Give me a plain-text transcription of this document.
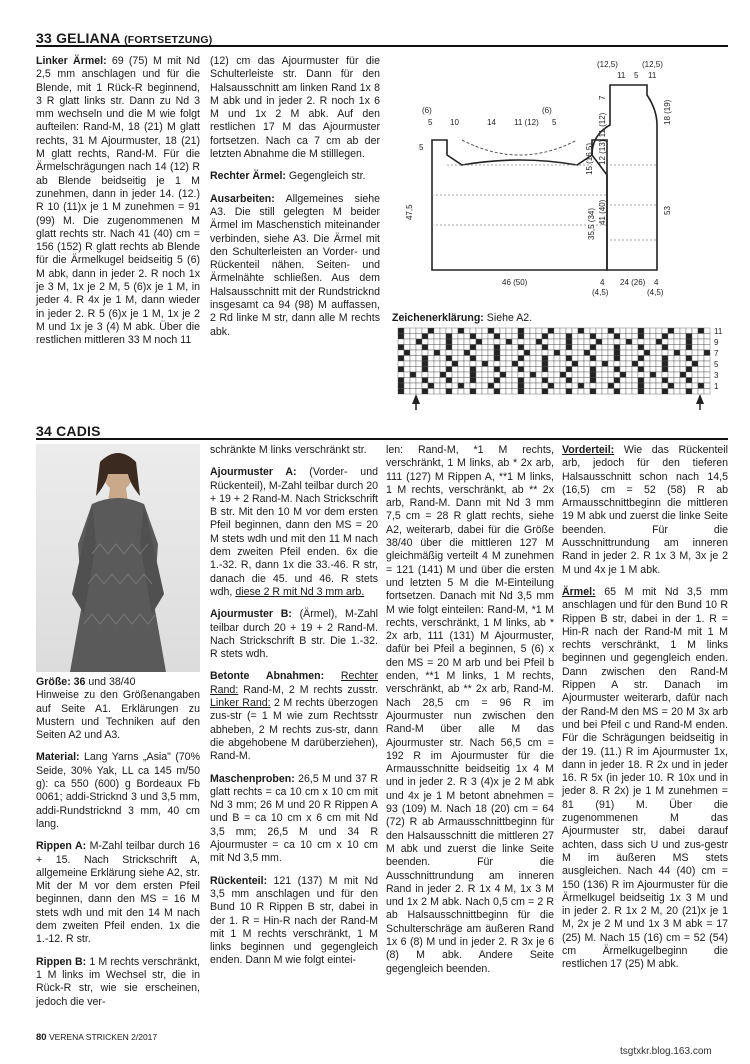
33 GELIANA (FORTSETZUNG)

Linker Ärmel: 69 (75) M mit Nd 2,5 mm anschlagen und für die Blende, mit 1 Rück-R beginnend, 3 R glatt links str. Dann zu Nd 3 mm wechseln und die M wie folgt aufteilen: Rand-M, 18 (21) M glatt rechts, 31 M Ajourmuster, 18 (21) M glatt rechts, Rand-M. Für die Ärmelschrägungen nach 14 (12) R ab Blende beidseitig je 1 M zunehmen, dann in jeder 14. (12.) R 10 (11)x je 1 M zunehmen = 91 (99) M. Die zugenommenen M glatt rechts str. Nach 41 (40) cm = 156 (152) R glatt rechts ab Blende für die Ärmelkugel beidseitig 5 (6) M abk, dann in jeder 2. R noch 1x je 3 M, 1x je 2 M, 5 (6)x je 1 M, in jeder 4. R 4x je 1 M, dann wieder in jeder 2. R 5 (6)x je 1 M, 1x je 2 M und 1x je 3 (4) M abk. Über die restlichen mittleren 33 M noch 11

(12) cm das Ajourmuster für die Schulterleiste str. Dann für den Halsausschnitt am linken Rand 1x 8 M abk und in jeder 2. R noch 1x 6 M und 1x 2 M abk. Auf den restlichen 17 M das Ajourmuster fortsetzen. Nach ca 7 cm ab der letzten Abnahme die M stilllegen.

Rechter Ärmel: Gegengleich str.

Ausarbeiten: Allgemeines siehe A3. Die still gelegten M beider Ärmel im Maschenstich miteinander verbinden, siehe A3. Die Ärmel mit den Schulterleisten an Vorder- und Rückenteil nähen. Seiten- und Ärmelnähte schließen. Aus dem Halsausschnitt mit der Rundstricknd insgesamt ca 94 (98) M auffassen, 2 Rd linke M str, dann alle M rechts abk.

(6)	(6)
5 10	14 11 (12) 5
5
47,5
15 (16,5)
35,5 (34)
46 (50)
(12,5)	(12,5)
11 5 11
7
12 (13) 11 (12)
41 (40)
18 (19)
53
4
(4,5)
24 (26) 4
(4,5)
Zeichenerklärung: Siehe A2.
11
9
7
5
3
1
34 CADIS

Größe: 36 und 38/40

Hinweise zu den Größenangaben auf Seite A1. Erklärungen zu Mustern und Techniken auf den Seiten A2 und A3.

Material: Lang Yarns „Asia" (70% Seide, 30% Yak, LL ca 145 m/50 g): ca 550 (600) g Bordeaux Fb 0061; addi-Stricknd 3 und 3,5 mm, addi-Rundstricknd 3 mm, 40 cm lang.

Rippen A: M-Zahl teilbar durch 16 + 15. Nach Strickschrift A, allgemeine Erklärung siehe A2, str. Mit der M vor dem ersten Pfeil beginnen, dann den MS = 16 M stets wdh und mit den 14 M nach dem zweiten Pfeil enden. 1x die 1.-12. R str.

Rippen B: 1 M rechts verschränkt, 1 M links im Wechsel str, die in Rück-R str, wie sie erscheinen, jedoch die ver-

schränkte M links verschränkt str.

Ajourmuster A: (Vorder- und Rückenteil), M-Zahl teilbar durch 20 + 19 + 2 Rand-M. Nach Strickschrift B str. Mit den 10 M vor dem ersten Pfeil beginnen, dann den MS = 20 M stets wdh und mit den 11 M nach dem zweiten Pfeil enden. 6x die 1.-32. R, dann 1x die 33.-46. R str, danach die 45. und 46. R stets wdh, diese 2 R mit Nd 3 mm arb.

Ajourmuster B: (Ärmel), M-Zahl teilbar durch 20 + 19 + 2 Rand-M. Nach Strickschrift B str. Die 1.-32. R stets wdh.

Betonte Abnahmen: Rechter Rand: Rand-M, 2 M rechts zusstr. Linker Rand: 2 M rechts überzogen zus-str (= 1 M wie zum Rechtsstr abheben, 2 M rechts zus-str, dann die abgehobene M darüberziehen), Rand-M.

Maschenproben: 26,5 M und 37 R glatt rechts = ca 10 cm x 10 cm mit Nd 3 mm; 26 M und 20 R Rippen A und B = ca 10 cm x 6 cm mit Nd 3,5 mm; 26,5 M und 34 R Ajourmuster = ca 10 cm x 10 cm mit Nd 3,5 mm.

Rückenteil: 121 (137) M mit Nd 3,5 mm anschlagen und für den Bund 10 R Rippen B str, dabei in der 1. R = Hin-R nach der Rand-M mit 1 M rechts verschränkt, 1 M links beginnen und gegengleich enden. Dann M wie folgt eintei-

len: Rand-M, *1 M rechts, verschränkt, 1 M links, ab * 2x arb, 111 (127) M Rippen A, **1 M links, 1 M rechts, verschränkt, ab ** 2x arb, Rand-M. Dann mit Nd 3 mm 7,5 cm = 28 R glatt rechts, siehe A2, weiterarb, dabei für die Größe 38/40 über die mittleren 127 M gleichmäßig verteilt 4 M zunehmen = 121 (141) M und über die ersten und letzten 5 M die M-Einteilung fortsetzen. Danach mit Nd 3,5 mm M wie folgt einteilen: Rand-M, *1 M rechts, verschränkt, 1 M links, ab * 2x arb, 111 (131) M Ajourmuster, dafür bei Pfeil a beginnen, 5 (6) x den MS = 20 M arb und bei Pfeil b enden, **1 M links, 1 M rechts, verschränkt, ab ** 2x arb, Rand-M. Nach 28,5 cm = 96 R im Ajourmuster nun zwischen den Rand-M über alle M das Ajourmuster str. Nach 56,5 cm = 192 R im Ajourmuster für die Armausschnitte beidseitig 1x 4 M und in jeder 2. R 3 (4)x je 2 M abk und 4x je 1 M betont abnehmen = 93 (109) M. Nach 18 (20) cm = 64 (72) R ab Armausschnittbeginn für den Halsausschnitt die mittleren 27 M abk und zuerst die linke Seite beenden. Für die Ausschnittrundung am inneren Rand in jeder 2. R 1x 4 M, 1x 3 M und 1x 2 M abk. Nach 0,5 cm = 2 R ab Halsausschnittbeginn für die Schulterschräge am äußeren Rand 1x 6 (8) M und in jeder 2. R 3x je 6 (8) M abk. Andere Seite gegengleich beenden.

Vorderteil: Wie das Rückenteil arb, jedoch für den tieferen Halsausschnitt schon nach 14,5 (16,5) cm = 52 (58) R ab Armausschnittbeginn die mittleren 19 M abk und zuerst die linke Seite beenden. Für die Ausschnittrundung am inneren Rand in jeder 2. R 1x 3 M, 3x je 2 M und 4x je 1 M abk.

Ärmel: 65 M mit Nd 3,5 mm anschlagen und für den Bund 10 R Rippen B str, dabei in der 1. R = Hin-R nach der Rand-M mit 1 M rechts verschränkt, 1 M links beginnen und gegengleich enden. Dann zwischen den Rand-M Rippen A str. Danach im Ajourmuster weiterarb, dafür nach der Rand-M den MS = 20 M 3x arb und bei Pfeil c und Rand-M enden. Für die Schrägungen beidseitig in der 19. (11.) R im Ajourmuster 1x, dann in jeder 18. R 2x und in jeder 16. R 5x (in jeder 10. R 10x und in jeder 8. R 2x) je 1 M zunehmen = 81 (91) M. Über die zugenommenen M das Ajourmuster str, dabei darauf achten, dass sich U und zus-gestr M im äußeren MS stets ausgleichen. Nach 44 (40) cm = 150 (136) R im Ajourmuster für die Ärmelkugel beidseitig 1x 3 M und in jeder 2. R 1x 2 M, 20 (21)x je 1 M, 2x je 2 M und 1x 3 M abk = 17 (25) M. Nach 15 (16) cm = 52 (54) cm Ärmelkugelbeginn die restlichen 17 (25) M abk.

80 VERENA STRICKEN 2/2017
tsgtxkr.blog.163.com
